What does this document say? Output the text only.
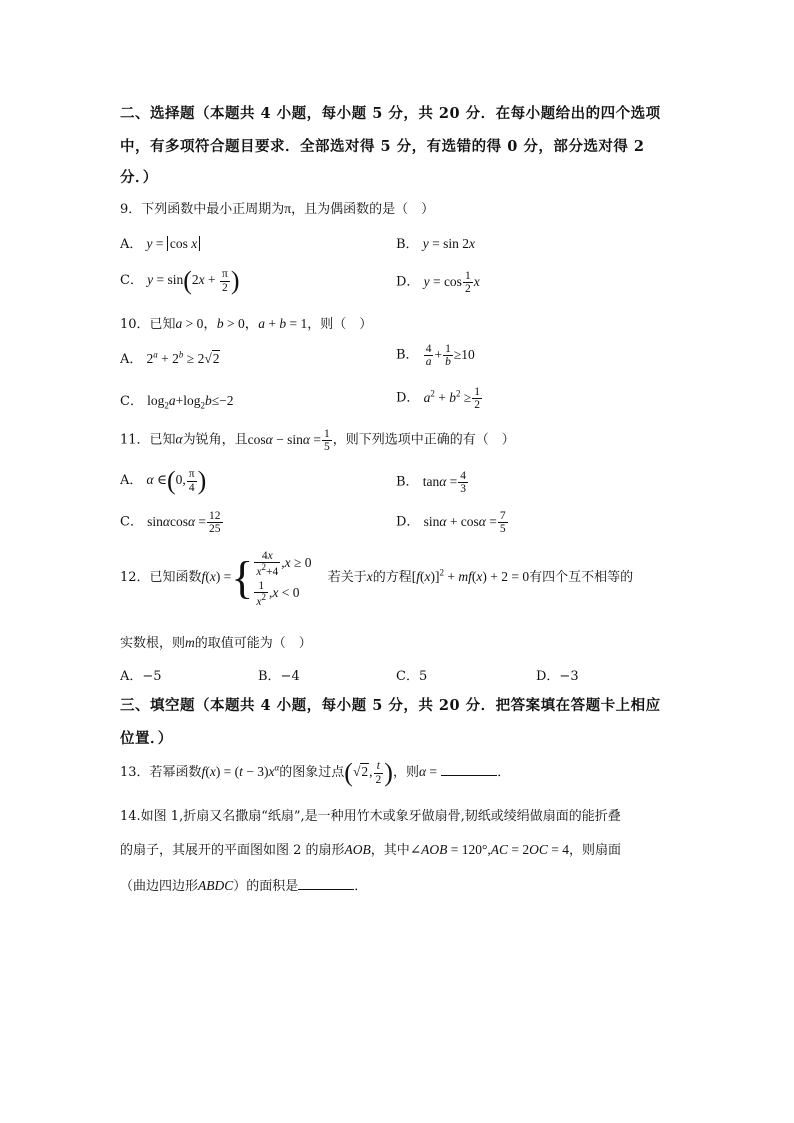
二、选择题（本题共 4 小题，每小题 5 分，共 20 分．在每小题给出的四个选项
中，有多项符合题目要求．全部选对得 5 分，有选错的得 0 分，部分选对得 2
分．）
9．下列函数中最小正周期为π，且为偶函数的是（　）
A． y = cos x	B． y = sin 2x
C． $y = \sin(2x + \frac{\pi}{2}$ )	D． $y = \cos \frac{1}{2}$ x
10．已知a > 0，b > 0，a + b = 1，则（　）
A． $2^a + 2^b \ge 2√2$	B． $\frac{4}{a} + \frac{1}{b} \ge 10$
C． $\log_2a+\log_2b\le-2$	D． $a^2 + b^2 \ge \frac{1}{2}$
11．已知α为锐角，且$\cos\alpha - \sin\alpha = \frac{1}{5}$ ，则下列选项中正确的有（　）
A． α ∈(0, $\frac{\pi}{4}$ )	B． $\tan\alpha = \frac{4}{3}$
C． $\sin\alpha\cos\alpha = \frac{12}{25}$	D． $\sin\alpha + \cos\alpha = \frac{7}{5}$
12．已知函数f(x) ={ $\frac{4x}{x^2+4} ,x \ge 0$
$\frac{1}{x^2} ,x < 0$
若关于x的方程$[f(x)]^2 + mf(x) + 2 = 0$有四个互不相等的
实数根，则m的取值可能为（　）
A．−5	B．−4	C．5	D．−3
三、填空题（本题共 4 小题，每小题 5 分，共 20 分．把答案填在答题卡上相应
位置．）
13．若幂函数$f(x) = (t - 3)x^\alpha$的图象过点(√2, $\frac{t}{2}$ )，则α =	．
14.如图 1,折扇又名撒扇“纸扇”,是一种用竹木或象牙做扇骨,韧纸或绫绢做扇面的能折叠
的扇子，其展开的平面图如图 2 的扇形AOB，其中∠AOB = 120°,AC = 2OC = 4，则扇面
（曲边四边形ABDC）的面积是	．
